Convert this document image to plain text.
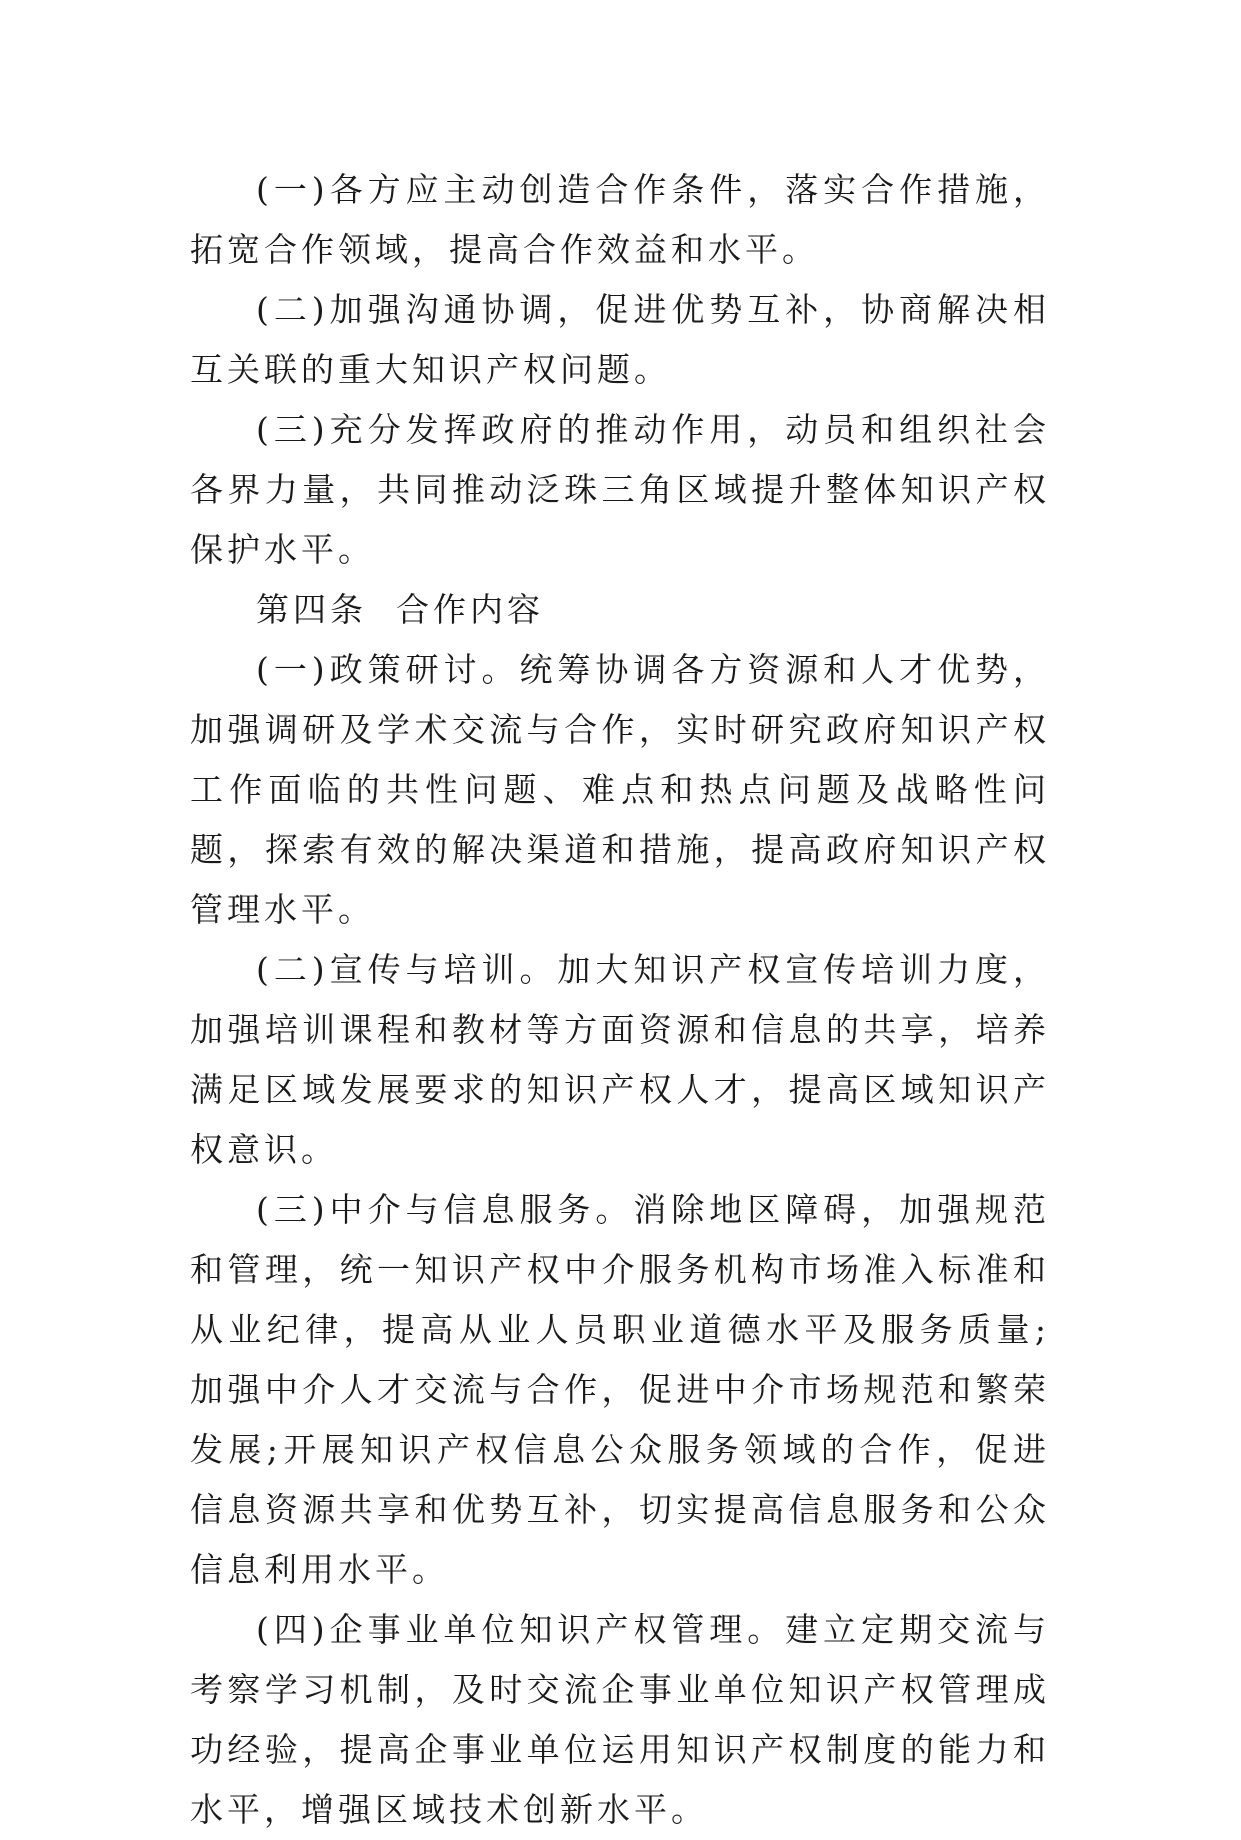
(一)各方应主动创造合作条件，落实合作措施，拓宽合作领域，提高合作效益和水平。

(二)加强沟通协调，促进优势互补，协商解决相互关联的重大知识产权问题。

(三)充分发挥政府的推动作用，动员和组织社会各界力量，共同推动泛珠三角区域提升整体知识产权保护水平。

第四条  合作内容

(一)政策研讨。统筹协调各方资源和人才优势，加强调研及学术交流与合作，实时研究政府知识产权工作面临的共性问题、难点和热点问题及战略性问题，探索有效的解决渠道和措施，提高政府知识产权管理水平。

(二)宣传与培训。加大知识产权宣传培训力度，加强培训课程和教材等方面资源和信息的共享，培养满足区域发展要求的知识产权人才，提高区域知识产权意识。

(三)中介与信息服务。消除地区障碍，加强规范和管理，统一知识产权中介服务机构市场准入标准和从业纪律，提高从业人员职业道德水平及服务质量;加强中介人才交流与合作，促进中介市场规范和繁荣发展;开展知识产权信息公众服务领域的合作，促进信息资源共享和优势互补，切实提高信息服务和公众信息利用水平。

(四)企事业单位知识产权管理。建立定期交流与考察学习机制，及时交流企事业单位知识产权管理成功经验，提高企事业单位运用知识产权制度的能力和水平，增强区域技术创新水平。
